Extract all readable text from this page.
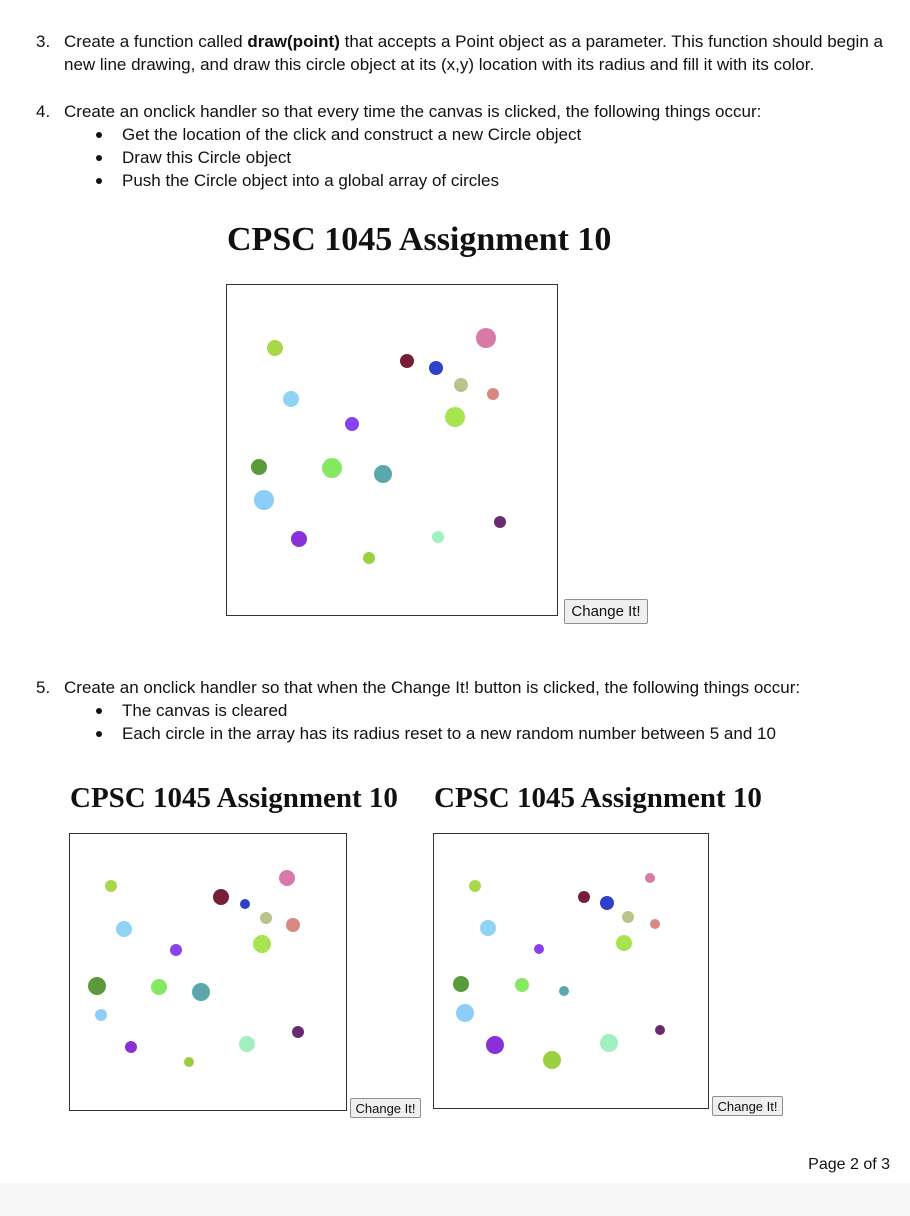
3. Create a function called draw(point) that accepts a Point object as a parameter. This function should begin a new line drawing, and draw this circle object at its (x,y) location with its radius and fill it with its color.
4. Create an onclick handler so that every time the canvas is clicked, the following things occur:
Get the location of the click and construct a new Circle object
Draw this Circle object
Push the Circle object into a global array of circles
CPSC 1045 Assignment 10
Change It!
5. Create an onclick handler so that when the Change It! button is clicked, the following things occur:
The canvas is cleared
Each circle in the array has its radius reset to a new random number between 5 and 10
CPSC 1045 Assignment 10
Change It!
CPSC 1045 Assignment 10
Change It!
Page 2 of 3
